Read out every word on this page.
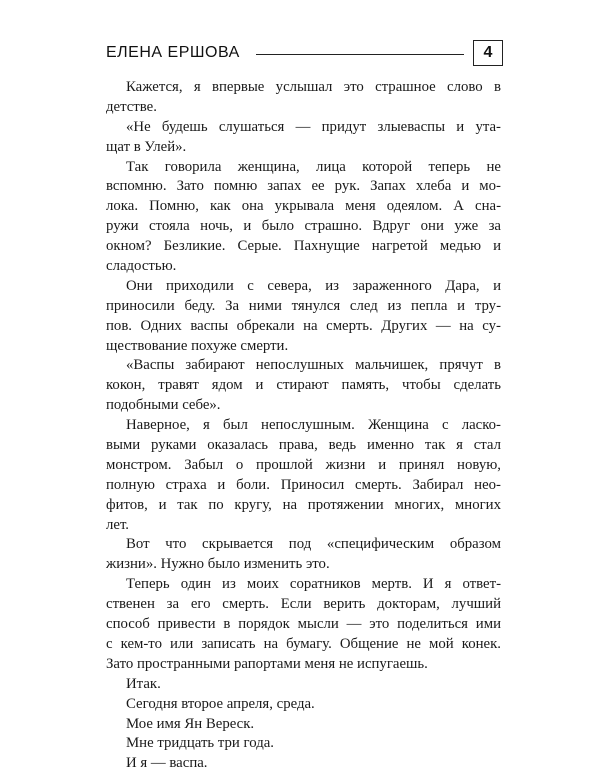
ЕЛЕНА ЕРШОВА	4
Кажется, я впервые услышал это страшное слово в
детстве.
«Не будешь слушаться — придут злыеваспы и ута-
щат в Улей».
Так говорила женщина, лица которой теперь не
вспомню. Зато помню запах ее рук. Запах хлеба и мо-
лока. Помню, как она укрывала меня одеялом. А сна-
ружи стояла ночь, и было страшно. Вдруг они уже за
окном? Безликие. Серые. Пахнущие нагретой медью и
сладостью.
Они приходили с севера, из зараженного Дара, и
приносили беду. За ними тянулся след из пепла и тру-
пов. Одних васпы обрекали на смерть. Других — на су-
ществование похуже смерти.
«Васпы забирают непослушных мальчишек, прячут в
кокон, травят ядом и стирают память, чтобы сделать
подобными себе».
Наверное, я был непослушным. Женщина с ласко-
выми руками оказалась права, ведь именно так я стал
монстром. Забыл о прошлой жизни и принял новую,
полную страха и боли. Приносил смерть. Забирал нео-
фитов, и так по кругу, на протяжении многих, многих
лет.
Вот что скрывается под «специфическим образом
жизни». Нужно было изменить это.
Теперь один из моих соратников мертв. И я ответ-
ственен за его смерть. Если верить докторам, лучший
способ привести в порядок мысли — это поделиться ими
с кем-то или записать на бумагу. Общение не мой конек.
Зато пространными рапортами меня не испугаешь.
Итак.
Сегодня второе апреля, среда.
Мое имя Ян Вереск.
Мне тридцать три года.
И я — васпа.
